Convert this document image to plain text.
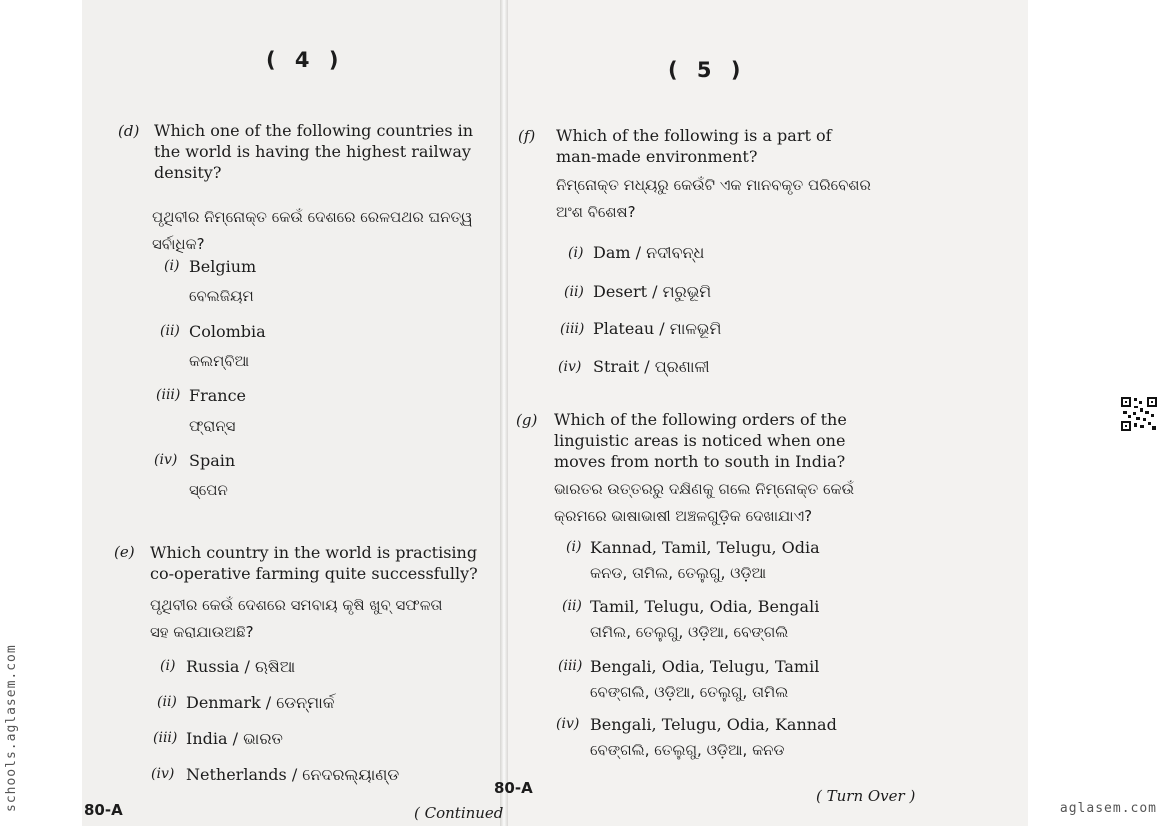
( 4 )
(d) Which one of the following countries in
the world is having the highest railway
density?
ପୃଥିବୀର ନିମ୍ନୋକ୍ତ କେଉଁ ଦେଶରେ ରେଳପଥର ଘନତ୍ୱ
ସର୍ବାଧିକ?
(i) Belgium
ବେଲଜିୟମ
(ii) Colombia
କଲମ୍ବିଆ
(iii) France
ଫ୍ରାନ୍ସ
(iv) Spain
ସ୍ପେନ
(e) Which country in the world is practising
co-operative farming quite successfully?
ପୃଥିବୀର କେଉଁ ଦେଶରେ ସମବାୟ କୃଷି ଖୁବ୍ ସଫଳତା
ସହ କରାଯାଉଅଛି?
(i) Russia / ଋଷିଆ
(ii) Denmark / ଡେନ୍‌ମାର୍କ
(iii) India / ଭାରତ
(iv) Netherlands / ନେଦରଲ୍ୟାଣ୍ଡ
80-A	( Continued
( 5 )
(f) Which of the following is a part of
man-made environment?
ନିମ୍ନୋକ୍ତ ମଧ୍ୟରୁ କେଉଁଟି ଏକ ମାନବକୃତ ପରିବେଶର
ଅଂଶ ବିଶେଷ?
(i) Dam / ନଦୀବନ୍ଧ
(ii) Desert / ମରୁଭୂମି
(iii) Plateau / ମାଳଭୂମି
(iv) Strait / ପ୍ରଣାଳୀ
(g) Which of the following orders of the
linguistic areas is noticed when one
moves from north to south in India?
ଭାରତର ଉତ୍ତରରୁ ଦକ୍ଷିଣକୁ ଗଲେ ନିମ୍ନୋକ୍ତ କେଉଁ
କ୍ରମରେ ଭାଷାଭାଷୀ ଅଞ୍ଚଳଗୁଡ଼ିକ ଦେଖାଯାଏ?
(i) Kannad, Tamil, Telugu, Odia
କନଡ, ତାମିଲ, ତେଲୁଗୁ, ଓଡ଼ିଆ
(ii) Tamil, Telugu, Odia, Bengali
ତାମିଲ, ତେଲୁଗୁ, ଓଡ଼ିଆ, ବେଙ୍ଗଲି
(iii) Bengali, Odia, Telugu, Tamil
ବେଙ୍ଗଲି, ଓଡ଼ିଆ, ତେଲୁଗୁ, ତାମିଲ
(iv) Bengali, Telugu, Odia, Kannad
ବେଙ୍ଗଲି, ତେଲୁଗୁ, ଓଡ଼ିଆ, କନଡ
80-A	( Turn Over )
schools.aglasem.com	aglasem.com
